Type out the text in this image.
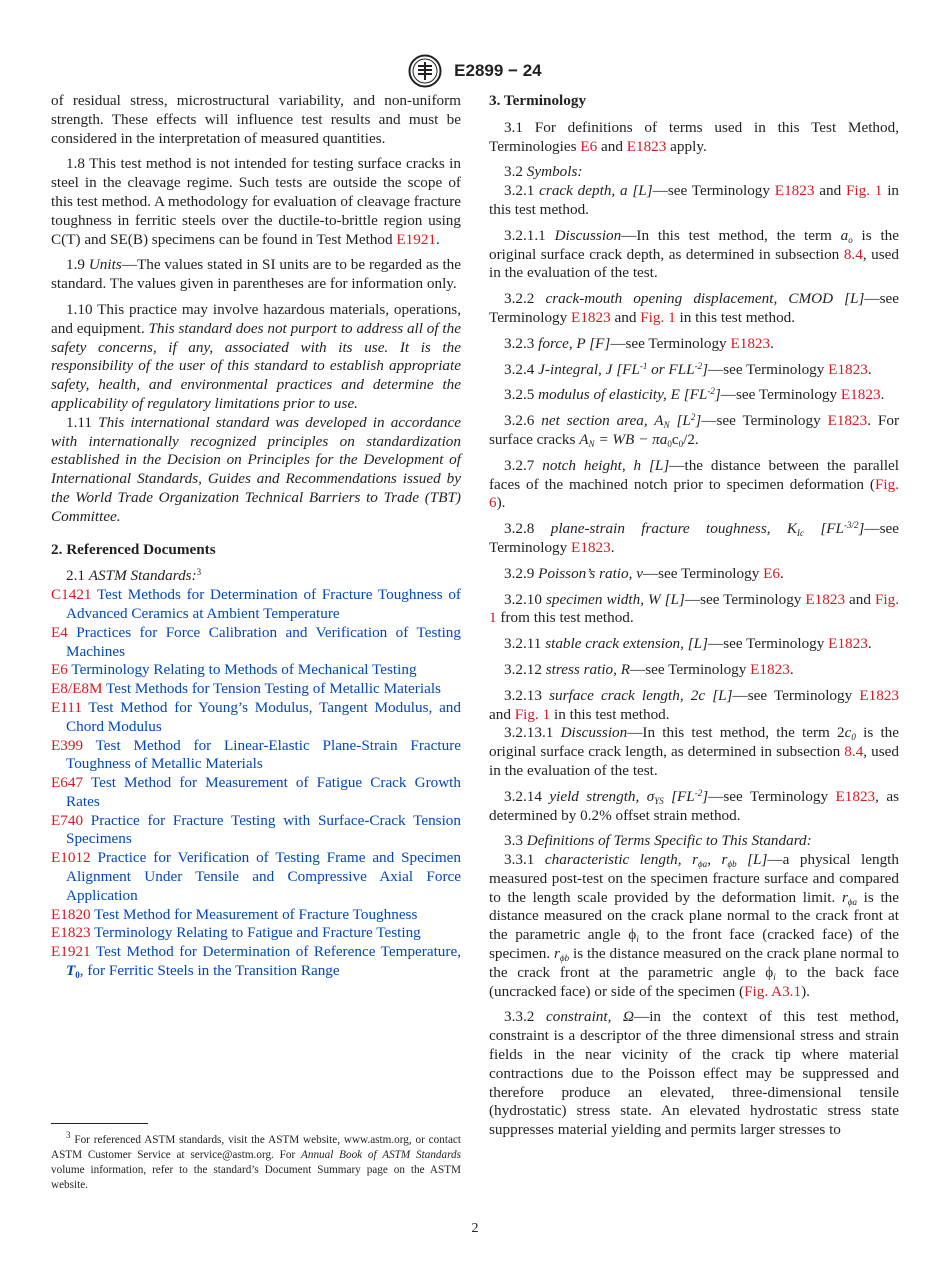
E2899 − 24

of residual stress, microstructural variability, and non-uniform strength. These effects will influence test results and must be considered in the interpretation of measured quantities.

1.8 This test method is not intended for testing surface cracks in steel in the cleavage regime. Such tests are outside the scope of this test method. A methodology for evaluation of cleavage fracture toughness in ferritic steels over the ductile-to-brittle region using C(T) and SE(B) specimens can be found in Test Method E1921.

1.9 Units—The values stated in SI units are to be regarded as the standard. The values given in parentheses are for information only.

1.10 This practice may involve hazardous materials, operations, and equipment. This standard does not purport to address all of the safety concerns, if any, associated with its use. It is the responsibility of the user of this standard to establish appropriate safety, health, and environmental practices and determine the applicability of regulatory limitations prior to use.

1.11 This international standard was developed in accordance with internationally recognized principles on standardization established in the Decision on Principles for the Development of International Standards, Guides and Recommendations issued by the World Trade Organization Technical Barriers to Trade (TBT) Committee.

2. Referenced Documents

2.1 ASTM Standards:$^3$

C1421 Test Methods for Determination of Fracture Toughness of Advanced Ceramics at Ambient Temperature

E4 Practices for Force Calibration and Verification of Testing Machines

E6 Terminology Relating to Methods of Mechanical Testing

E8/E8M Test Methods for Tension Testing of Metallic Materials

E111 Test Method for Young’s Modulus, Tangent Modulus, and Chord Modulus

E399 Test Method for Linear-Elastic Plane-Strain Fracture Toughness of Metallic Materials

E647 Test Method for Measurement of Fatigue Crack Growth Rates

E740 Practice for Fracture Testing with Surface-Crack Tension Specimens

E1012 Practice for Verification of Testing Frame and Specimen Alignment Under Tensile and Compressive Axial Force Application

E1820 Test Method for Measurement of Fracture Toughness

E1823 Terminology Relating to Fatigue and Fracture Testing

E1921 Test Method for Determination of Reference Temperature, $T_0$, for Ferritic Steels in the Transition Range

$^3$ For referenced ASTM standards, visit the ASTM website, www.astm.org, or contact ASTM Customer Service at service@astm.org. For Annual Book of ASTM Standards volume information, refer to the standard’s Document Summary page on the ASTM website.

3. Terminology

3.1 For definitions of terms used in this Test Method, Terminologies E6 and E1823 apply.

3.2 Symbols:

3.2.1 crack depth, a [L]—see Terminology E1823 and Fig. 1 in this test method.

3.2.1.1 Discussion—In this test method, the term $a_o$ is the original surface crack depth, as determined in subsection 8.4, used in the evaluation of the test.

3.2.2 crack-mouth opening displacement, CMOD [L]—see Terminology E1823 and Fig. 1 in this test method.

3.2.3 force, P [F]—see Terminology E1823.

3.2.4 J-integral, J [$FL^{-1}$ or $FLL^{-2}]—see$ Terminology E1823.

3.2.5 modulus of elasticity, E $[FL^{-2}]—see$ Terminology E1823.

3.2.6 net section area, $A_N$ $[L^2]—see$ Terminology E1823. For surface cracks $A_N$ = WB − $\pi a_0c_0/2$.

3.2.7 notch height, h [L]—the distance between the parallel faces of the machined notch prior to specimen deformation (Fig. 6).

3.2.8 plane-strain fracture toughness, $K_{Ic}$ $[FL^{-3/2}]—see$ Terminology E1823.

3.2.9 Poisson’s ratio, ν—see Terminology E6.

3.2.10 specimen width, W [L]—see Terminology E1823 and Fig. 1 from this test method.

3.2.11 stable crack extension, [L]—see Terminology E1823.

3.2.12 stress ratio, R—see Terminology E1823.

3.2.13 surface crack length, 2c [L]—see Terminology E1823 and Fig. 1 in this test method.

3.2.13.1 Discussion—In this test method, the term $2c_0$ is the original surface crack length, as determined in subsection 8.4, used in the evaluation of the test.

3.2.14 yield strength, $\sigma_{YS}$ $[FL^{-2}]—see$ Terminology E1823, as determined by 0.2% offset strain method.

3.3 Definitions of Terms Specific to This Standard:

3.3.1 characteristic length, $r_{\phi a}$, $r_{\phi b}$ [L]—a physical length measured post-test on the specimen fracture surface and compared to the length scale provided by the deformation limit. $r_{\phi a}$ is the distance measured on the crack plane normal to the crack front at the parametric angle $\phi_i$ to the front face (cracked face) of the specimen. $r_{\phi b}$ is the distance measured on the crack plane normal to the crack front at the parametric angle $\phi_i$ to the back face (uncracked face) or side of the specimen (Fig. A3.1).

3.3.2 constraint, Ω—in the context of this test method, constraint is a descriptor of the three dimensional stress and strain fields in the near vicinity of the crack tip where material contractions due to the Poisson effect may be suppressed and therefore produce an elevated, three-dimensional tensile (hydrostatic) stress state. An elevated hydrostatic stress state suppresses material yielding and permits larger stresses to

2
